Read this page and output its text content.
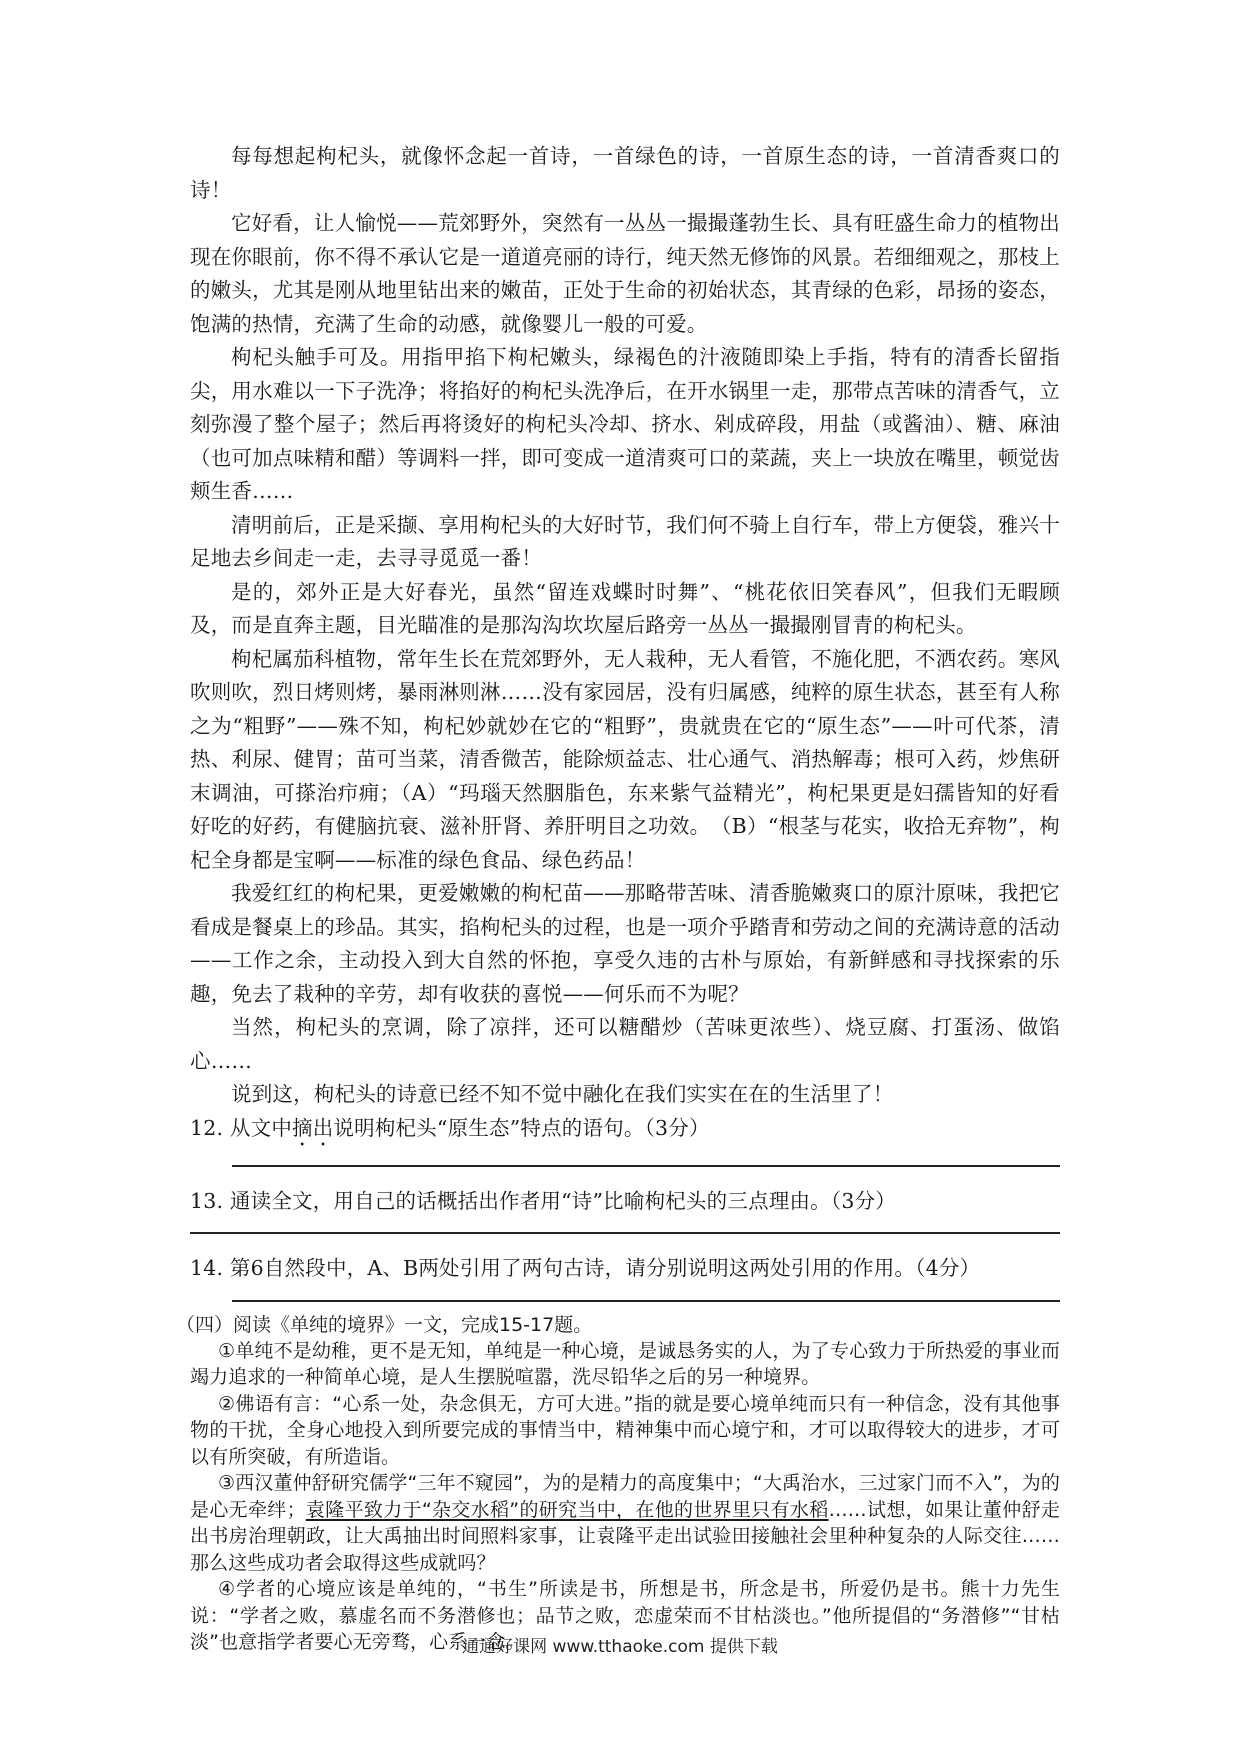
每每想起枸杞头，就像怀念起一首诗，一首绿色的诗，一首原生态的诗，一首清香爽口的诗！

它好看，让人愉悦——荒郊野外，突然有一丛丛一撮撮蓬勃生长、具有旺盛生命力的植物出现在你眼前，你不得不承认它是一道道亮丽的诗行，纯天然无修饰的风景。若细细观之，那枝上的嫩头，尤其是刚从地里钻出来的嫩苗，正处于生命的初始状态，其青绿的色彩，昂扬的姿态，饱满的热情，充满了生命的动感，就像婴儿一般的可爱。

枸杞头触手可及。用指甲掐下枸杞嫩头，绿褐色的汁液随即染上手指，特有的清香长留指尖，用水难以一下子洗净；将掐好的枸杞头洗净后，在开水锅里一走，那带点苦味的清香气，立刻弥漫了整个屋子；然后再将烫好的枸杞头冷却、挤水、剁成碎段，用盐（或酱油）、糖、麻油（也可加点味精和醋）等调料一拌，即可变成一道清爽可口的菜蔬，夹上一块放在嘴里，顿觉齿颊生香……

清明前后，正是采撷、享用枸杞头的大好时节，我们何不骑上自行车，带上方便袋，雅兴十足地去乡间走一走，去寻寻觅觅一番！

是的，郊外正是大好春光，虽然“留连戏蝶时时舞”、“桃花依旧笑春风”，但我们无暇顾及，而是直奔主题，目光瞄准的是那沟沟坎坎屋后路旁一丛丛一撮撮刚冒青的枸杞头。

枸杞属茄科植物，常年生长在荒郊野外，无人栽种，无人看管，不施化肥，不洒农药。寒风吹则吹，烈日烤则烤，暴雨淋则淋……没有家园居，没有归属感，纯粹的原生状态，甚至有人称之为“粗野”——殊不知，枸杞妙就妙在它的“粗野”，贵就贵在它的“原生态”——叶可代茶，清热、利尿、健胃；苗可当菜，清香微苦，能除烦益志、壮心通气、消热解毒；根可入药，炒焦研末调油，可搽治疖痈；（A）“玛瑙天然胭脂色，东来紫气益精光”，枸杞果更是妇孺皆知的好看好吃的好药，有健脑抗衰、滋补肝肾、养肝明目之功效。　（B）“根茎与花实，收拾无弃物”，枸杞全身都是宝啊——标准的绿色食品、绿色药品！

我爱红红的枸杞果，更爱嫩嫩的枸杞苗——那略带苦味、清香脆嫩爽口的原汁原味，我把它看成是餐桌上的珍品。其实，掐枸杞头的过程，也是一项介乎踏青和劳动之间的充满诗意的活动——工作之余，主动投入到大自然的怀抱，享受久违的古朴与原始，有新鲜感和寻找探索的乐趣，免去了栽种的辛劳，却有收获的喜悦——何乐而不为呢？

当然，枸杞头的烹调，除了凉拌，还可以糖醋炒（苦味更浓些）、烧豆腐、打蛋汤、做馅心……

说到这，枸杞头的诗意已经不知不觉中融化在我们实实在在的生活里了！

12. 从文中摘出说明枸杞头“原生态”特点的语句。（3分）

13. 通读全文，用自己的话概括出作者用“诗”比喻枸杞头的三点理由。（3分）

14. 第6自然段中，A、B两处引用了两句古诗，请分别说明这两处引用的作用。（4分）

（四）阅读《单纯的境界》一文，完成15-17题。

①单纯不是幼稚，更不是无知，单纯是一种心境，是诚恳务实的人，为了专心致力于所热爱的事业而竭力追求的一种简单心境，是人生摆脱喧嚣，洗尽铅华之后的另一种境界。

②佛语有言：“心系一处，杂念俱无，方可大进。”指的就是要心境单纯而只有一种信念，没有其他事物的干扰，全身心地投入到所要完成的事情当中，精神集中而心境宁和，才可以取得较大的进步，才可以有所突破，有所造诣。

③西汉董仲舒研究儒学“三年不窥园”，为的是精力的高度集中；“大禹治水，三过家门而不入”，为的是心无牵绊；袁隆平致力于“杂交水稻”的研究当中，在他的世界里只有水稻……试想，如果让董仲舒走出书房治理朝政，让大禹抽出时间照料家事，让袁隆平走出试验田接触社会里种种复杂的人际交往……那么这些成功者会取得这些成就吗？

④学者的心境应该是单纯的，“书生”所读是书，所想是书，所念是书，所爱仍是书。熊十力先生说：“学者之败，慕虚名而不务潜修也；品节之败，恋虚荣而不甘枯淡也。”他所提倡的“务潜修”“甘枯淡”也意指学者要心无旁骛，心系一念。

通通好课网 www.tthaoke.com 提供下载
